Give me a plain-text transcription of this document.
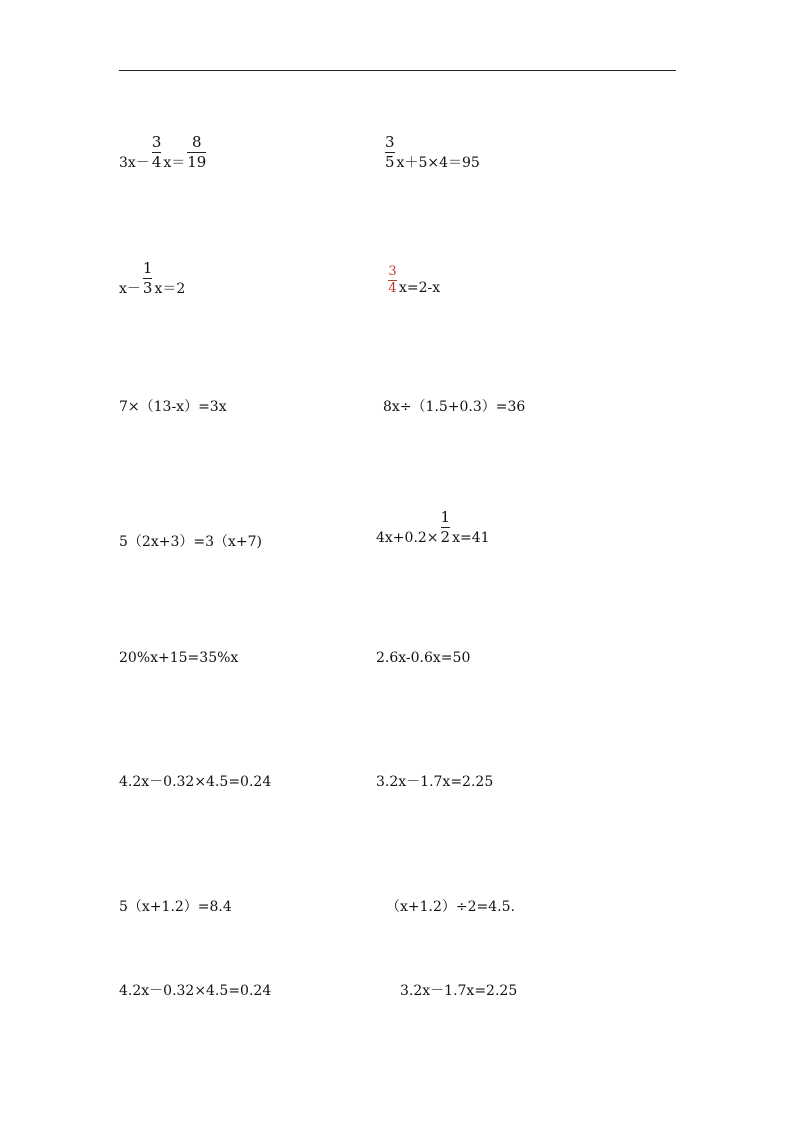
$3x- \frac{3}{4} x= \frac{8}{19}$	$\frac{3}{5} x+5\times 4=95$
$x- \frac{1}{3} x=2$	$\frac{3}{4} x=2-x$
7×（13-x）=3x	8x÷（1.5+0.3）=36
5（2x+3）=3（x+7)	$4x+0.2\times \frac{1}{2} x=41$
20%x+15=35%x	2.6x-0.6x=50
4.2x－0.32×4.5=0.24	3.2x－1.7x=2.25
5（x+1.2）=8.4	（x+1.2）÷2=4.5.
4.2x－0.32×4.5=0.24	3.2x－1.7x=2.25
